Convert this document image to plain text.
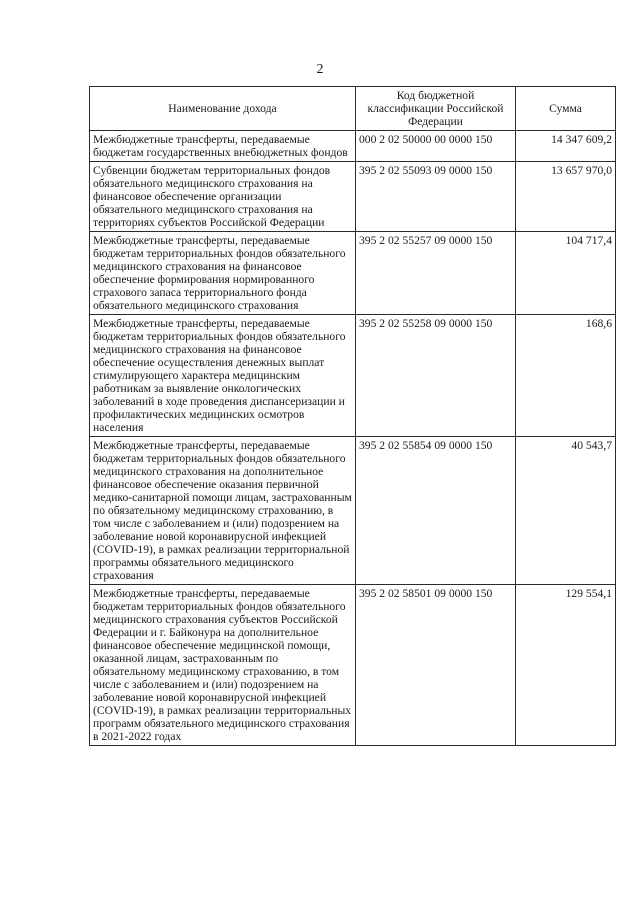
2
Наименование дохода	Код бюджетной классификации Российской Федерации	Сумма
Межбюджетные трансферты, передаваемые бюджетам государственных внебюджетных фондов	000 2 02 50000 00 0000 150	14 347 609,2
Субвенции бюджетам территориальных фондов обязательного медицинского страхования на финансовое обеспечение организации обязательного медицинского страхования на территориях субъектов Российской Федерации	395 2 02 55093 09 0000 150	13 657 970,0
Межбюджетные трансферты, передаваемые бюджетам территориальных фондов обязательного медицинского страхования на финансовое обеспечение формирования нормированного страхового запаса территориального фонда обязательного медицинского страхования	395 2 02 55257 09 0000 150	104 717,4
Межбюджетные трансферты, передаваемые бюджетам территориальных фондов обязательного медицинского страхования на финансовое обеспечение осуществления денежных выплат стимулирующего характера медицинским работникам за выявление онкологических заболеваний в ходе проведения диспансеризации и профилактических медицинских осмотров населения	395 2 02 55258 09 0000 150	168,6
Межбюджетные трансферты, передаваемые бюджетам территориальных фондов обязательного медицинского страхования на дополнительное финансовое обеспечение оказания первичной медико-санитарной помощи лицам, застрахованным по обязательному медицинскому страхованию, в том числе с заболеванием и (или) подозрением на заболевание новой коронавирусной инфекцией (COVID-19), в рамках реализации территориальной программы обязательного медицинского страхования	395 2 02 55854 09 0000 150	40 543,7
Межбюджетные трансферты, передаваемые бюджетам территориальных фондов обязательного медицинского страхования субъектов Российской Федерации и г. Байконура на дополнительное финансовое обеспечение медицинской помощи, оказанной лицам, застрахованным по обязательному медицинскому страхованию, в том числе с заболеванием и (или) подозрением на заболевание новой коронавирусной инфекцией (COVID-19), в рамках реализации территориальных программ обязательного медицинского страхования в 2021-2022 годах	395 2 02 58501 09 0000 150	129 554,1
